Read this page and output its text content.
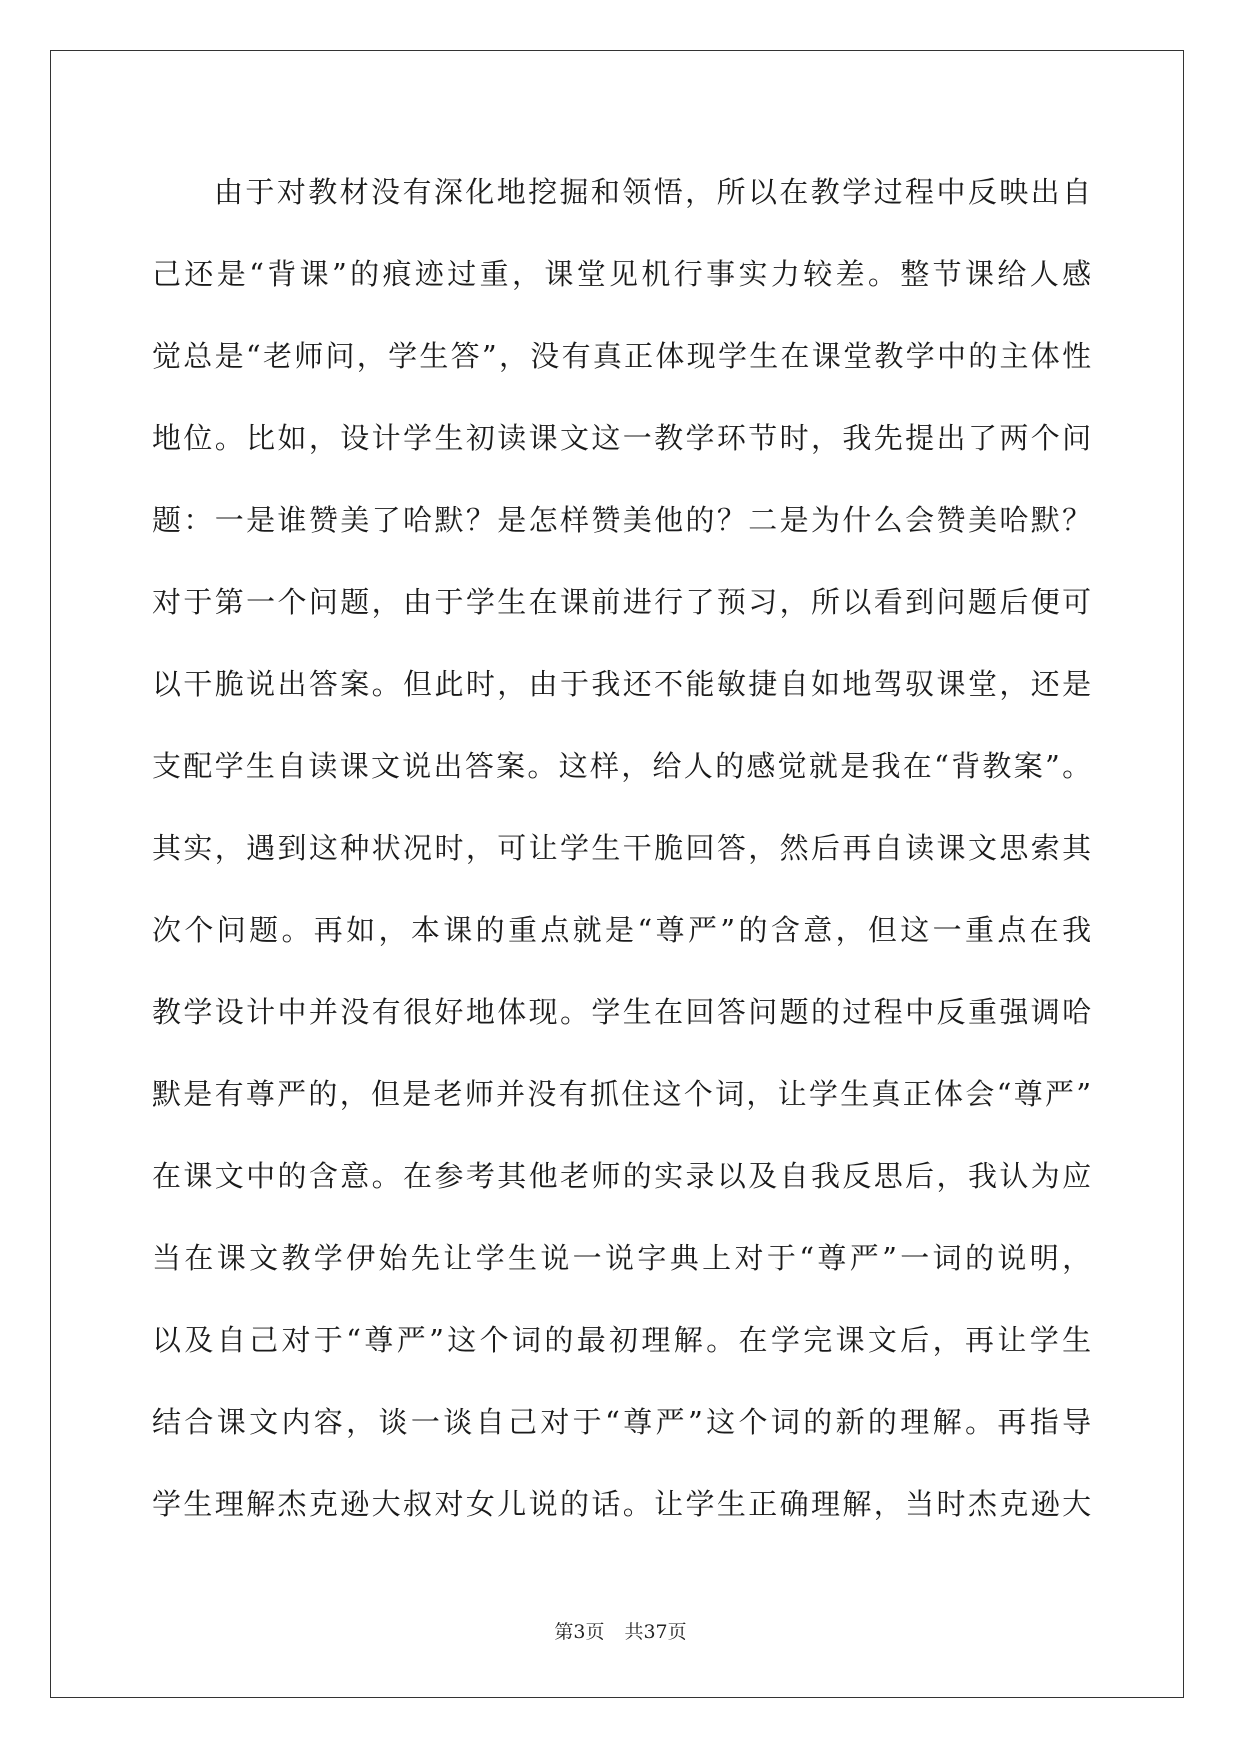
由于对教材没有深化地挖掘和领悟，所以在教学过程中反映出自
己还是“背课”的痕迹过重，课堂见机行事实力较差。整节课给人感
觉总是“老师问，学生答”，没有真正体现学生在课堂教学中的主体性
地位。比如，设计学生初读课文这一教学环节时，我先提出了两个问
题：一是谁赞美了哈默？是怎样赞美他的？二是为什么会赞美哈默？
对于第一个问题，由于学生在课前进行了预习，所以看到问题后便可
以干脆说出答案。但此时，由于我还不能敏捷自如地驾驭课堂，还是
支配学生自读课文说出答案。这样，给人的感觉就是我在“背教案”。
其实，遇到这种状况时，可让学生干脆回答，然后再自读课文思索其
次个问题。再如，本课的重点就是“尊严”的含意，但这一重点在我
教学设计中并没有很好地体现。学生在回答问题的过程中反重强调哈
默是有尊严的，但是老师并没有抓住这个词，让学生真正体会“尊严”
在课文中的含意。在参考其他老师的实录以及自我反思后，我认为应
当在课文教学伊始先让学生说一说字典上对于“尊严”一词的说明，
以及自己对于“尊严”这个词的最初理解。在学完课文后，再让学生
结合课文内容，谈一谈自己对于“尊严”这个词的新的理解。再指导
学生理解杰克逊大叔对女儿说的话。让学生正确理解，当时杰克逊大
第3页 共37页
